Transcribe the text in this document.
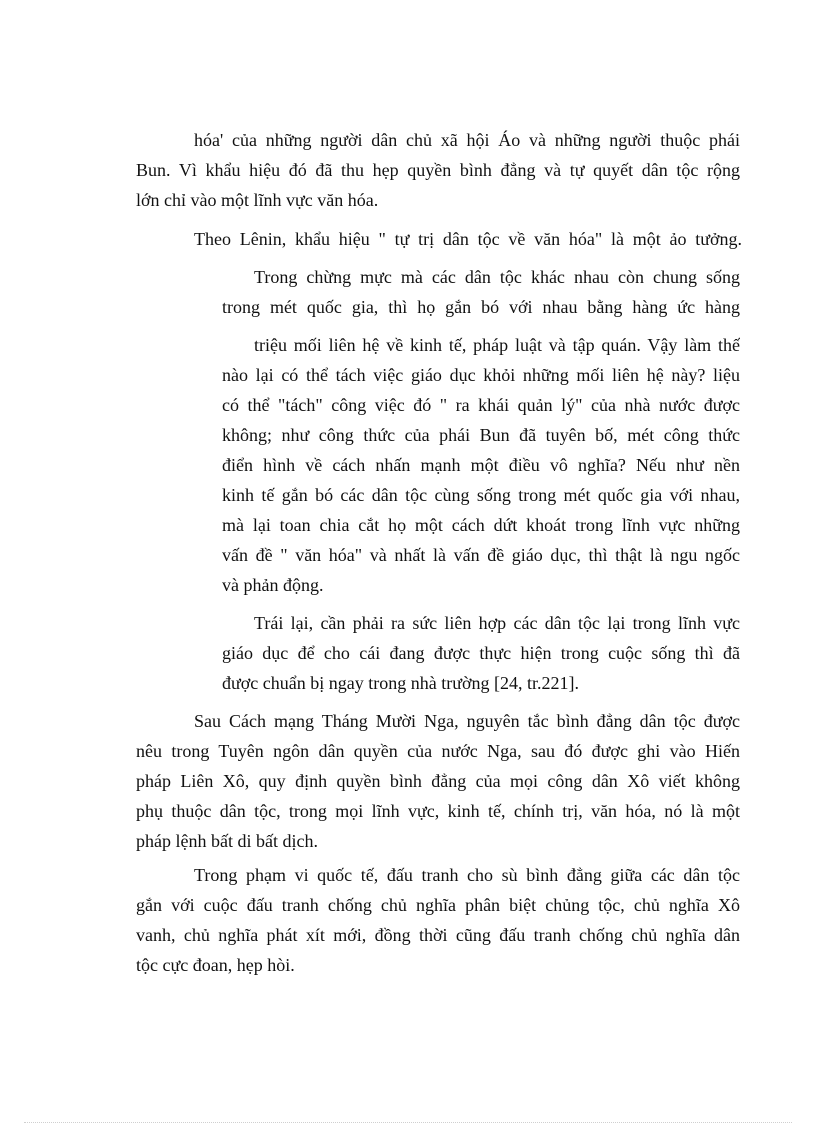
hóa' của những người dân chủ xã hội Áo và những người thuộc phái
Bun. Vì khẩu hiệu đó đã thu hẹp quyền bình đẳng và tự quyết dân tộc rộng
lớn chỉ vào một lĩnh vực văn hóa.
Theo Lênin, khẩu hiệu " tự trị dân tộc về văn hóa" là một ảo tưởng.
Trong chừng mực mà các dân tộc khác nhau còn chung sống
trong mét quốc gia, thì họ gắn bó với nhau bằng hàng ức hàng
triệu mối liên hệ về kinh tế, pháp luật và tập quán. Vậy làm thế
nào lại có thể tách việc giáo dục khỏi những mối liên hệ này? liệu
có thể "tách" công việc đó " ra khái quản lý" của nhà nước được
không; như công thức của phái Bun đã tuyên bố, mét công thức
điển hình về cách nhấn mạnh một điều vô nghĩa? Nếu như nền
kinh tế gắn bó các dân tộc cùng sống trong mét quốc gia với nhau,
mà lại toan chia cắt họ một cách dứt khoát trong lĩnh vực những
vấn đề " văn hóa" và nhất là vấn đề giáo dục, thì thật là ngu ngốc
và phản động.
Trái lại, cần phải ra sức liên hợp các dân tộc lại trong lĩnh vực
giáo dục để cho cái đang được thực hiện trong cuộc sống thì đã
được chuẩn bị ngay trong nhà trường [24, tr.221].
Sau Cách mạng Tháng Mười Nga, nguyên tắc bình đẳng dân tộc được
nêu trong Tuyên ngôn dân quyền của nước Nga, sau đó được ghi vào Hiến
pháp Liên Xô, quy định quyền bình đẳng của mọi công dân Xô viết không
phụ thuộc dân tộc, trong mọi lĩnh vực, kinh tế, chính trị, văn hóa, nó là một
pháp lệnh bất di bất dịch.
Trong phạm vi quốc tế, đấu tranh cho sù bình đẳng giữa các dân tộc
gắn với cuộc đấu tranh chống chủ nghĩa phân biệt chủng tộc, chủ nghĩa Xô
vanh, chủ nghĩa phát xít mới, đồng thời cũng đấu tranh chống chủ nghĩa dân
tộc cực đoan, hẹp hòi.
